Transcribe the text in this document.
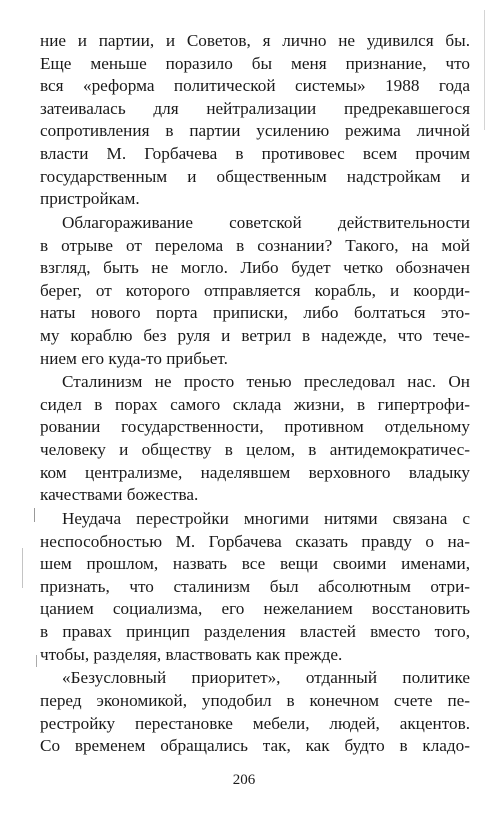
ние и партии, и Советов, я лично не удивился бы.
Еще меньше поразило бы меня признание, что
вся «реформа политической системы» 1988 года
затеивалась для нейтрализации предрекавшегося
сопротивления в партии усилению режима личной
власти М. Горбачева в противовес всем прочим
государственным и общественным надстройкам и
пристройкам.

Облагораживание советской действительности
в отрыве от перелома в сознании? Такого, на мой
взгляд, быть не могло. Либо будет четко обозначен
берег, от которого отправляется корабль, и коорди-
наты нового порта приписки, либо болтаться это-
му кораблю без руля и ветрил в надежде, что тече-
нием его куда-то прибьет.

Сталинизм не просто тенью преследовал нас. Он
сидел в порах самого склада жизни, в гипертрофи-
ровании государственности, противном отдельному
человеку и обществу в целом, в антидемократичес-
ком централизме, наделявшем верховного владыку
качествами божества.

Неудача перестройки многими нитями связана с
неспособностью М. Горбачева сказать правду о на-
шем прошлом, назвать все вещи своими именами,
признать, что сталинизм был абсолютным отри-
цанием социализма, его нежеланием восстановить
в правах принцип разделения властей вместо того,
чтобы, разделяя, властвовать как прежде.

«Безусловный приоритет», отданный политике
перед экономикой, уподобил в конечном счете пе-
рестройку перестановке мебели, людей, акцентов.
Со временем обращались так, как будто в кладо-

206
